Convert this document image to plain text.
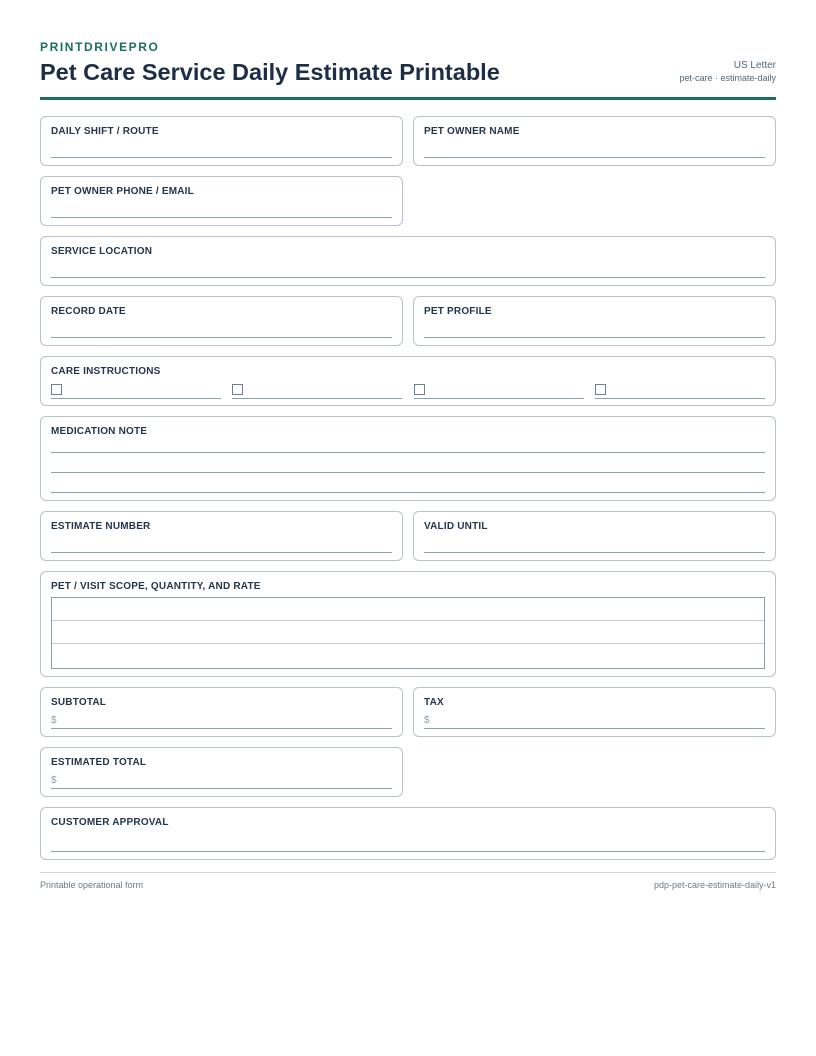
PRINTDRIVEPRO
Pet Care Service Daily Estimate Printable	US Letter
pet-care · estimate-daily
DAILY SHIFT / ROUTE	PET OWNER NAME
PET OWNER PHONE / EMAIL
SERVICE LOCATION
RECORD DATE	PET PROFILE
CARE INSTRUCTIONS
MEDICATION NOTE
ESTIMATE NUMBER	VALID UNTIL
PET / VISIT SCOPE, QUANTITY, AND RATE
SUBTOTAL
$
TAX
$
ESTIMATED TOTAL
$
CUSTOMER APPROVAL
Printable operational form	pdp-pet-care-estimate-daily-v1
